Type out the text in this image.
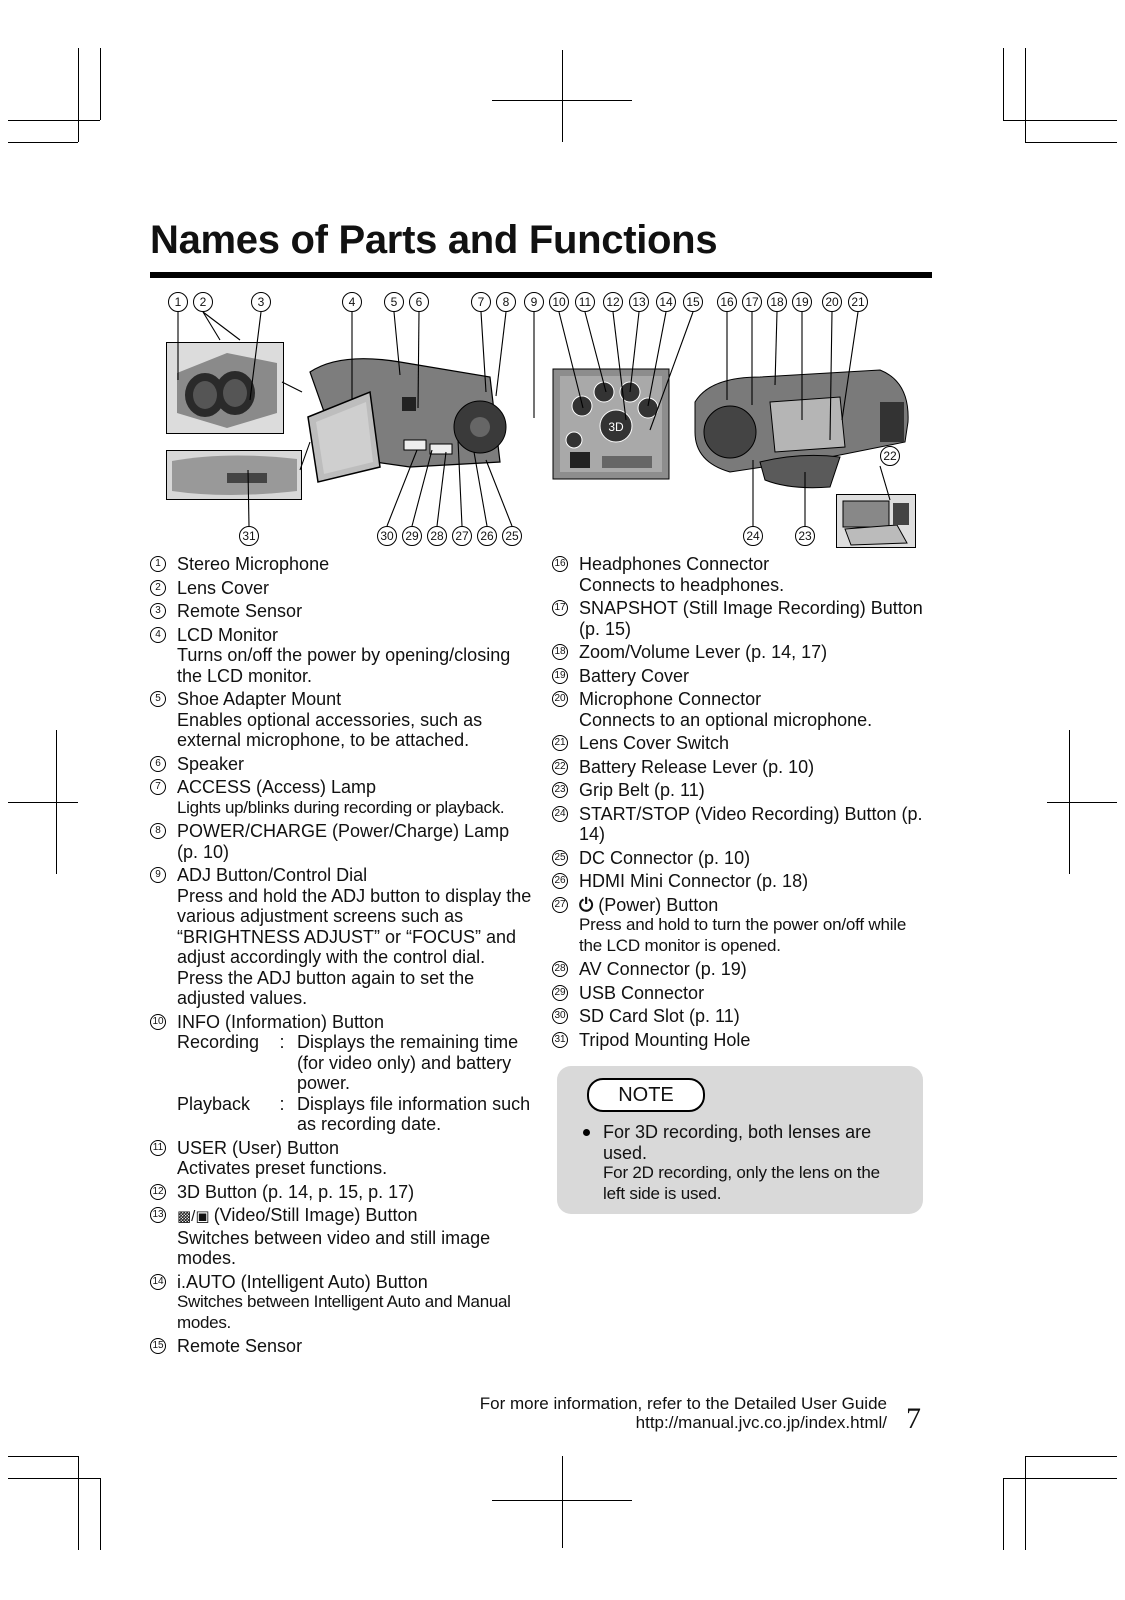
Names of Parts and Functions
1	2	3	4	5	6	7	8	9	10	11	12 13 14 15 16 17 18 19 20 21
31	30 29 28 27 26 25	24	23
22
3D
1 Stereo Microphone
2 Lens Cover
3 Remote Sensor
4 LCD Monitor
Turns on/off the power by opening/closing the LCD monitor.
5 Shoe Adapter Mount
Enables optional accessories, such as external microphone, to be attached.
6 Speaker
7 ACCESS (Access) Lamp
Lights up/blinks during recording or playback.
8 POWER/CHARGE (Power/Charge) Lamp (p. 10)
9 ADJ Button/Control Dial
Press and hold the ADJ button to display the various adjustment screens such as “BRIGHTNESS ADJUST” or “FOCUS” and adjust accordingly with the control dial. Press the ADJ button again to set the adjusted values.
10 INFO (Information) Button
Recording	: Displays the remaining time (for video only) and battery power.
Playback	: Displays file information such as recording date.
11 USER (User) Button
Activates preset functions.
12 3D Button (p. 14, p. 15, p. 17)
13 ▩/▣ (Video/Still Image) Button
Switches between video and still image modes.
14 i.AUTO (Intelligent Auto) Button
Switches between Intelligent Auto and Manual modes.
15 Remote Sensor
16 Headphones Connector
Connects to headphones.
17 SNAPSHOT (Still Image Recording) Button (p. 15)
18 Zoom/Volume Lever (p. 14, 17)
19 Battery Cover
20 Microphone Connector
Connects to an optional microphone.
21 Lens Cover Switch
22 Battery Release Lever (p. 10)
23 Grip Belt (p. 11)
24 START/STOP (Video Recording) Button (p. 14)
25 DC Connector (p. 10)
26 HDMI Mini Connector (p. 18)
27 ⏻ (Power) Button
Press and hold to turn the power on/off while the LCD monitor is opened.
28 AV Connector (p. 19)
29 USB Connector
30 SD Card Slot (p. 11)
31 Tripod Mounting Hole
NOTE
For 3D recording, both lenses are used.
For 2D recording, only the lens on the left side is used.
For more information, refer to the Detailed User Guide
http://manual.jvc.co.jp/index.html/ 7
